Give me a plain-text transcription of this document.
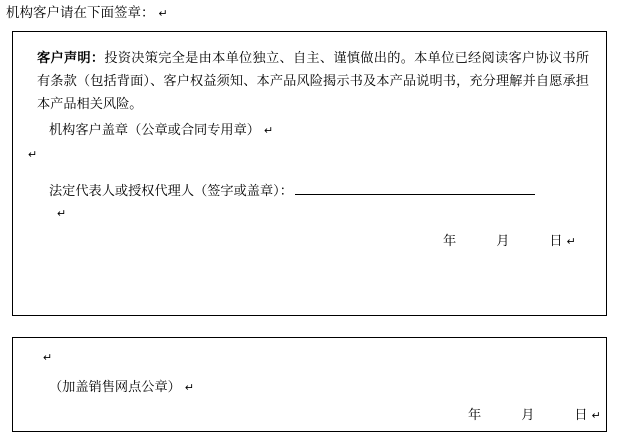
机构客户请在下面签章： ↵
客户声明：投资决策完全是由本单位独立、自主、谨慎做出的。本单位已经阅读客户协议书所有条款（包括背面）、客户权益须知、本产品风险揭示书及本产品说明书，充分理解并自愿承担本产品相关风险。
机构客户盖章（公章或合同专用章） ↵
↵
法定代表人或授权代理人（签字或盖章）：
↵
年	月	日 ↵
↵
（加盖销售网点公章） ↵
年	月	日 ↵
